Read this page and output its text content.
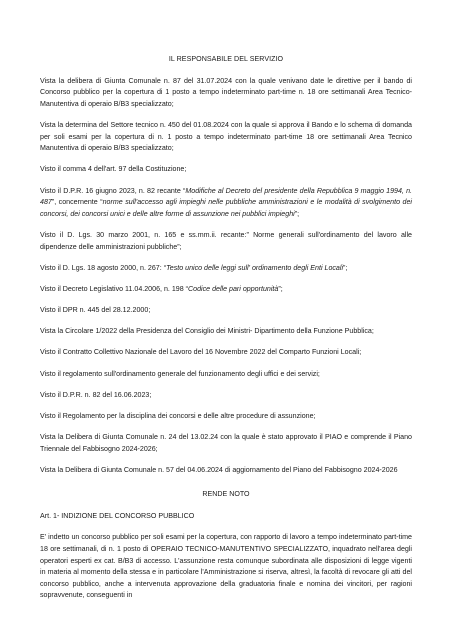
IL RESPONSABILE DEL SERVIZIO
Vista la delibera di Giunta Comunale n. 87 del 31.07.2024 con la quale venivano date le direttive per il bando di Concorso pubblico per la copertura di 1 posto a tempo indeterminato part-time n. 18 ore settimanali Area Tecnico-Manutentiva di operaio B/B3 specializzato;
Vista la determina del Settore tecnico n. 450 del 01.08.2024 con la quale si approva il Bando e lo schema di domanda per soli esami per la copertura di n. 1 posto a tempo indeterminato part-time 18 ore settimanali Area Tecnico Manutentiva di operaio B/B3 specializzato;
Visto il comma 4 dell'art. 97 della Costituzione;
Visto il D.P.R. 16 giugno 2023, n. 82 recante “Modifiche al Decreto del presidente della Repubblica 9 maggio 1994, n. 487”, concernente “norme sull'accesso agli impieghi nelle pubbliche amministrazioni e le modalità di svolgimento dei concorsi, dei concorsi unici e delle altre forme di assunzione nei pubblici impieghi”;
Visto il D. Lgs. 30 marzo 2001, n. 165 e ss.mm.ii. recante:” Norme generali sull'ordinamento del lavoro alle dipendenze delle amministrazioni pubbliche”;
Visto il D. Lgs. 18 agosto 2000, n. 267: “Testo unico delle leggi sull' ordinamento degli Enti Locali”;
Visto il Decreto Legislativo 11.04.2006, n. 198 “Codice delle pari opportunità”;
Visto il DPR n. 445 del 28.12.2000;
Vista la Circolare 1/2022 della Presidenza del Consiglio dei Ministri- Dipartimento della Funzione Pubblica;
Visto il Contratto Collettivo Nazionale del Lavoro del 16 Novembre 2022 del Comparto Funzioni Locali;
Visto il regolamento sull'ordinamento generale del funzionamento degli uffici e dei servizi;
Visto il D.P.R. n. 82 del 16.06.2023;
Visto il Regolamento per la disciplina dei concorsi e delle altre procedure di assunzione;
Vista la Delibera di Giunta Comunale n. 24 del 13.02.24 con la quale è stato approvato il PIAO e comprende il Piano Triennale del Fabbisogno 2024-2026;
Vista la Delibera di Giunta Comunale n. 57 del 04.06.2024 di aggiornamento del Piano del Fabbisogno 2024-2026
RENDE NOTO
Art. 1- INDIZIONE DEL CONCORSO PUBBLICO
E' indetto un concorso pubblico per soli esami per la copertura, con rapporto di lavoro a tempo indeterminato part-time 18 ore settimanali, di n. 1 posto di OPERAIO TECNICO-MANUTENTIVO SPECIALIZZATO, inquadrato nell'area degli operatori esperti ex cat. B/B3 di accesso. L'assunzione resta comunque subordinata alle disposizioni di legge vigenti in materia al momento della stessa e in particolare l'Amministrazione si riserva, altresì, la facoltà di revocare gli atti del concorso pubblico, anche a intervenuta approvazione della graduatoria finale e nomina dei vincitori, per ragioni sopravvenute, conseguenti in
